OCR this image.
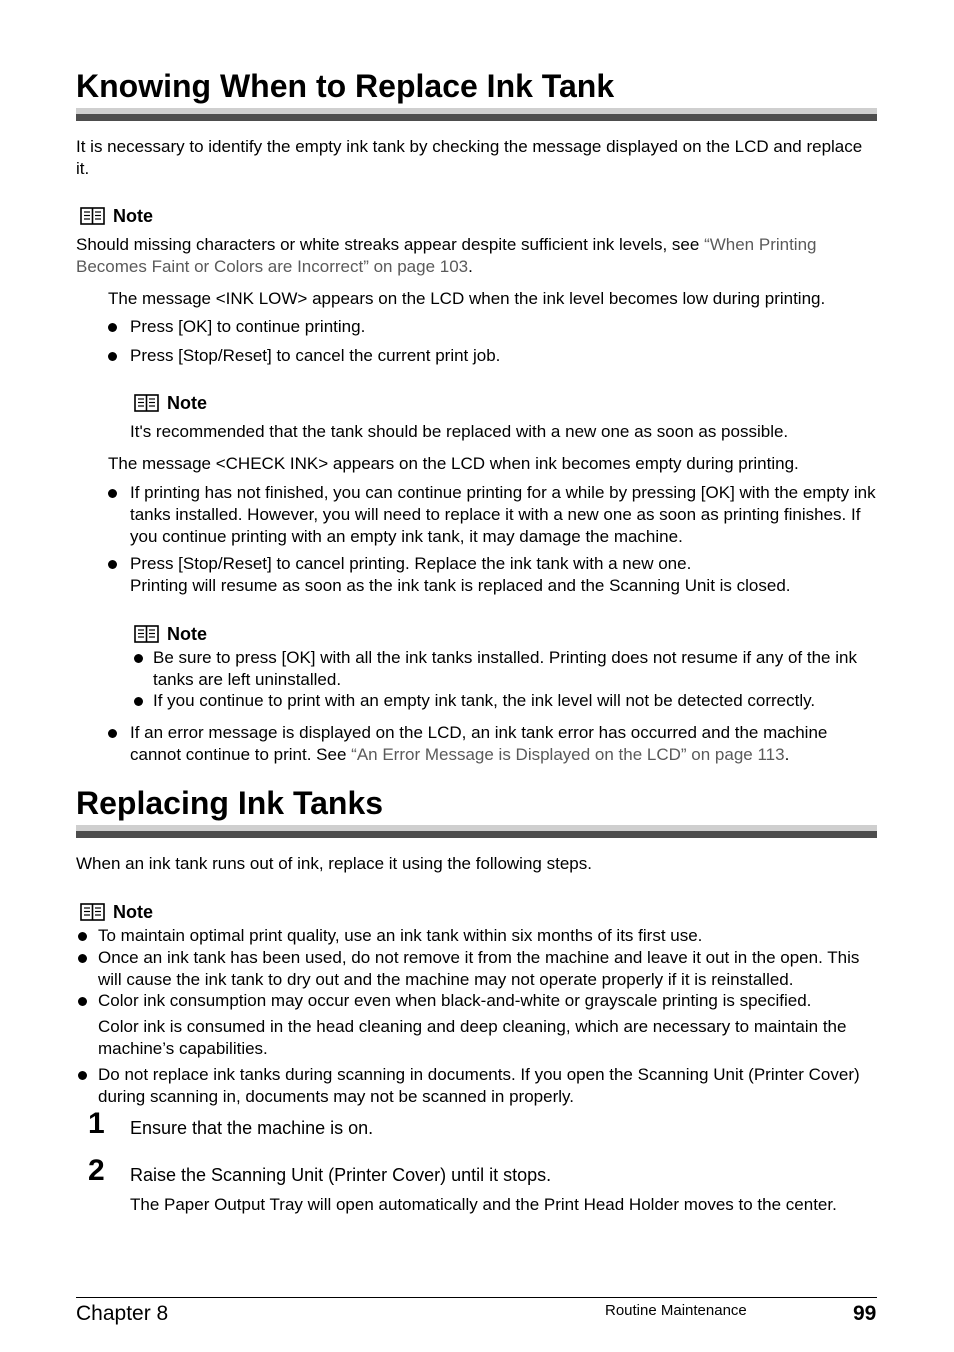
Knowing When to Replace Ink Tank

It is necessary to identify the empty ink tank by checking the message displayed on the LCD and replace it.

Note

Should missing characters or white streaks appear despite sufficient ink levels, see “When Printing Becomes Faint or Colors are Incorrect” on page 103.

The message <INK LOW> appears on the LCD when the ink level becomes low during printing.

Press [OK] to continue printing.
Press [Stop/Reset] to cancel the current print job.
Note

It's recommended that the tank should be replaced with a new one as soon as possible.

The message <CHECK INK> appears on the LCD when ink becomes empty during printing.

If printing has not finished, you can continue printing for a while by pressing [OK] with the empty ink tanks installed. However, you will need to replace it with a new one as soon as printing finishes. If you continue printing with an empty ink tank, it may damage the machine.
Press [Stop/Reset] to cancel printing. Replace the ink tank with a new one.
Printing will resume as soon as the ink tank is replaced and the Scanning Unit is closed.
Note
Be sure to press [OK] with all the ink tanks installed. Printing does not resume if any of the ink tanks are left uninstalled.
If you continue to print with an empty ink tank, the ink level will not be detected correctly.
If an error message is displayed on the LCD, an ink tank error has occurred and the machine cannot continue to print. See “An Error Message is Displayed on the LCD” on page 113.
Replacing Ink Tanks

When an ink tank runs out of ink, replace it using the following steps.

Note
To maintain optimal print quality, use an ink tank within six months of its first use.
Once an ink tank has been used, do not remove it from the machine and leave it out in the open. This will cause the ink tank to dry out and the machine may not operate properly if it is reinstalled.
Color ink consumption may occur even when black-and-white or grayscale printing is specified.

Color ink is consumed in the head cleaning and deep cleaning, which are necessary to maintain the machine’s capabilities.

Do not replace ink tanks during scanning in documents. If you open the Scanning Unit (Printer Cover) during scanning in, documents may not be scanned in properly.
1 Ensure that the machine is on.
2 Raise the Scanning Unit (Printer Cover) until it stops.

The Paper Output Tray will open automatically and the Print Head Holder moves to the center.

Chapter 8	Routine Maintenance	99
